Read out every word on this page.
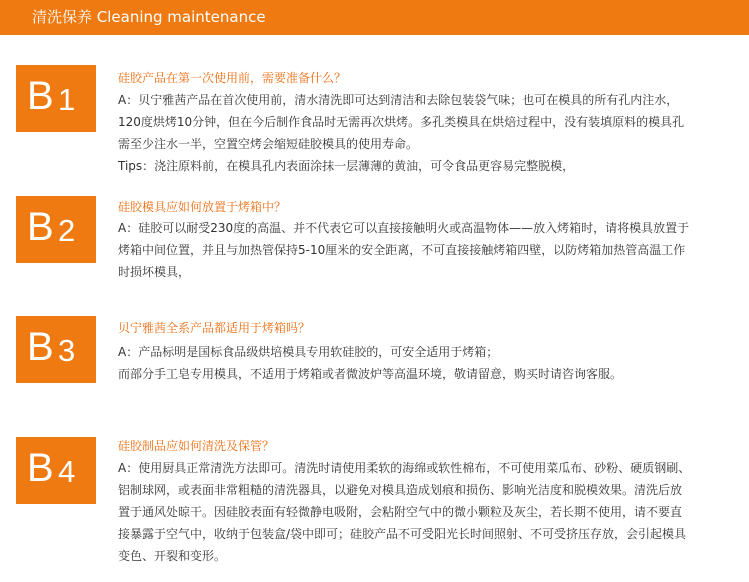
清洗保养 Cleaning maintenance
B 1
硅胶产品在第一次使用前，需要准备什么？
A：贝宁雅茜产品在首次使用前，清水清洗即可达到清洁和去除包装袋气味；也可在模具的所有孔内注水，
120度烘烤10分钟，但在今后制作食品时无需再次烘烤。多孔类模具在烘焙过程中，没有装填原料的模具孔
需至少注水一半，空置空烤会缩短硅胶模具的使用寿命。
Tips：浇注原料前，在模具孔内表面涂抹一层薄薄的黄油，可令食品更容易完整脱模，
B 2
硅胶模具应如何放置于烤箱中？
A：硅胶可以耐受230度的高温、并不代表它可以直接接触明火或高温物体——放入烤箱时，请将模具放置于
烤箱中间位置，并且与加热管保持5-10厘米的安全距离，不可直接接触烤箱四壁，以防烤箱加热管高温工作
时损坏模具，
B 3
贝宁雅茜全系产品都适用于烤箱吗？
A：产品标明是国标食品级烘培模具专用软硅胶的，可安全适用于烤箱；
而部分手工皂专用模具，不适用于烤箱或者微波炉等高温环境，敬请留意，购买时请咨询客服。
B 4
硅胶制品应如何清洗及保管？
A：使用厨具正常清洗方法即可。清洗时请使用柔软的海绵或软性棉布，不可使用菜瓜布、砂粉、硬质钢刷、
铝制球网，或表面非常粗糙的清洗器具，以避免对模具造成划痕和损伤、影响光洁度和脱模效果。清洗后放
置于通风处晾干。因硅胶表面有轻微静电吸附，会粘附空气中的微小颗粒及灰尘，若长期不使用，请不要直
接暴露于空气中，收纳于包装盒/袋中即可；硅胶产品不可受阳光长时间照射、不可受挤压存放，会引起模具
变色、开裂和变形。
